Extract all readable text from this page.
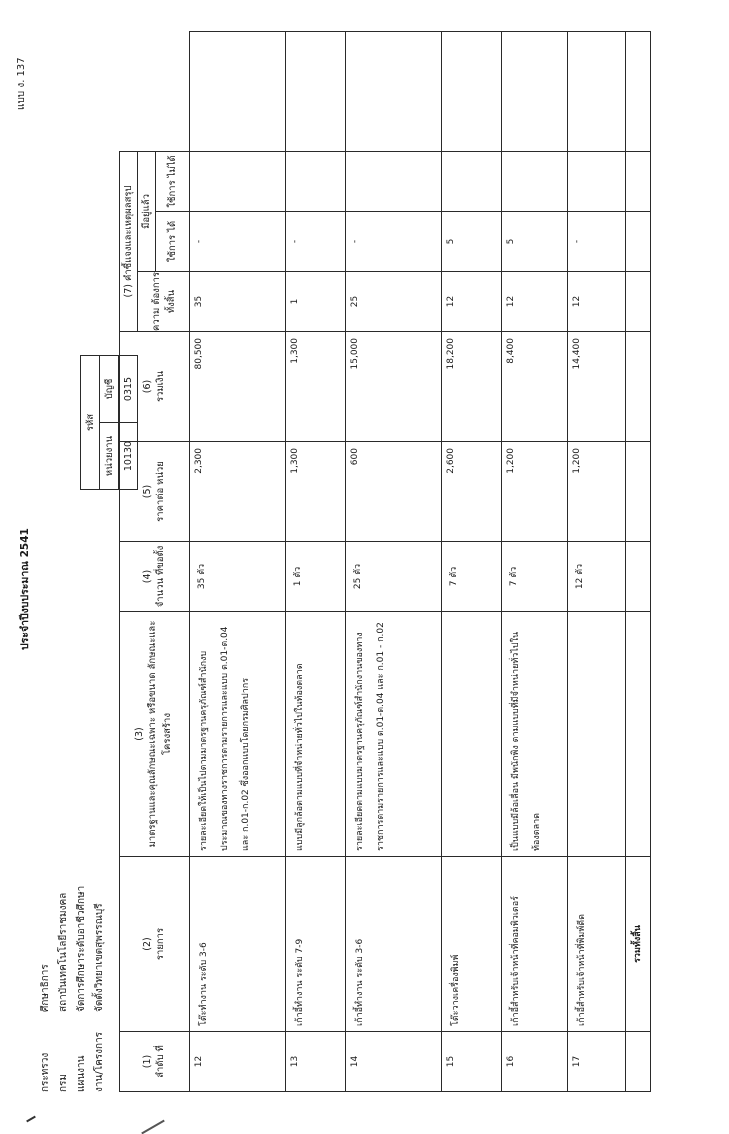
ประจำปีงบประมาณ 2541
แบบ ง. 137
กระทรวง
ศึกษาธิการ
กรม
สถาบันเทคโนโลยีราชมงคล
แผนงาน
จัดการศึกษาระดับอาชีวศึกษา
งาน/โครงการ
จัดตั้งวิทยาเขตสุพรรณบุรี
รหัส	
หน่วยงาน	บัญชี
10130	0315
(1) ลำดับ ที่	(2) รายการ	(3) มาตรฐานและคุณลักษณะเฉพาะ หรือขนาด ลักษณะและโครงสร้าง	(4) จำนวน ที่ขอตั้ง	(5) ราคาต่อ หน่วย	(6) รวมเงิน	(7) คำชี้แจงและเหตุผลสรุป			
						ความ ต้องการ ทั้งสิ้น	มีอยู่แล้ว		
							ใช้การ ได้	ใช้การ ไม่ได้	
12	โต๊ะทำงาน ระดับ 3-6	รายละเอียดให้เป็นไปตามมาตรฐานครุภัณฑ์สำนักงบประมาณของทางราชการตามรายการและแบบ ต.01-ต.04 และ ก.01-ก.02 ซึ่งออกแบบโดยกรมศิลปากร	35 ตัว	2,300	80,500	35	-		
13	เก้าอี้ทำงาน ระดับ 7-9	แบบมีลูกล้อตามแบบที่จำหน่ายทั่วไปในท้องตลาด	1 ตัว	1,300	1,300	1	-		
14	เก้าอี้ทำงาน ระดับ 3-6	รายละเอียดตามแบบมาตรฐานครุภัณฑ์สำนักงานของทางราชการตามรายการและแบบ ต.01-ต.04 และ ก.01 - ก.02	25 ตัว	600	15,000	25	-		
15	โต๊ะวางเครื่องพิมพ์		7 ตัว	2,600	18,200	12	5		
16	เก้าอี้สำหรับเจ้าหน้าที่คอมพิวเตอร์	เป็นแบบมีล้อเลื่อน มีพนักพิง ตามแบบที่มีจำหน่ายทั่วไปในท้องตลาด	7 ตัว	1,200	8,400	12	5		
17	เก้าอี้สำหรับเจ้าหน้าที่พิมพ์ดีด		12 ตัว	1,200	14,400	12	-		
	รวมทั้งสิ้น								
